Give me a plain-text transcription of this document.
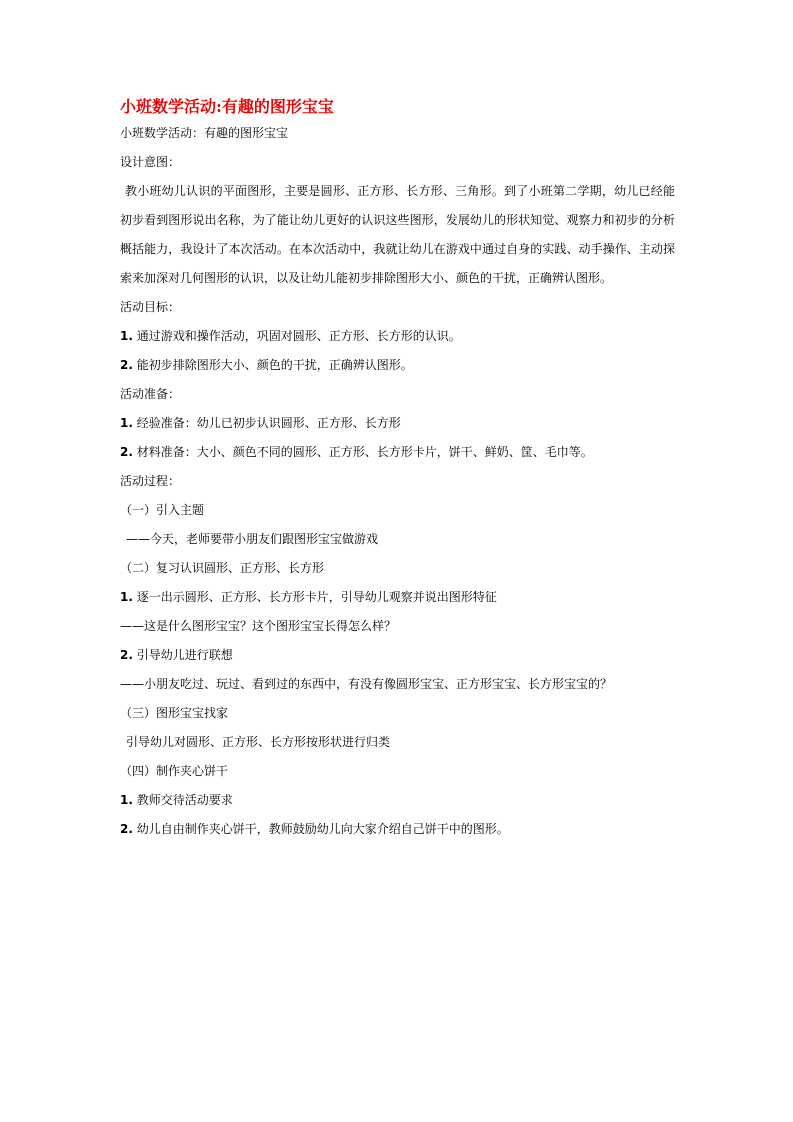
小班数学活动:有趣的图形宝宝

小班数学活动：有趣的图形宝宝

设计意图：

教小班幼儿认识的平面图形，主要是圆形、正方形、长方形、三角形。到了小班第二学期，幼儿已经能初步看到图形说出名称，为了能让幼儿更好的认识这些图形，发展幼儿的形状知觉、观察力和初步的分析概括能力，我设计了本次活动。在本次活动中，我就让幼儿在游戏中通过自身的实践、动手操作、主动探索来加深对几何图形的认识，以及让幼儿能初步排除图形大小、颜色的干扰，正确辨认图形。

活动目标：

1. 通过游戏和操作活动，巩固对圆形、正方形、长方形的认识。

2. 能初步排除图形大小、颜色的干扰，正确辨认图形。

活动准备：

1. 经验准备：幼儿已初步认识圆形、正方形、长方形

2. 材料准备：大小、颜色不同的圆形、正方形、长方形卡片，饼干、鲜奶、筐、毛巾等。

活动过程：

（一）引入主题

——今天，老师要带小朋友们跟图形宝宝做游戏

（二）复习认识圆形、正方形、长方形

1. 逐一出示圆形、正方形、长方形卡片，引导幼儿观察并说出图形特征

——这是什么图形宝宝？这个图形宝宝长得怎么样？

2. 引导幼儿进行联想

——小朋友吃过、玩过、看到过的东西中，有没有像圆形宝宝、正方形宝宝、长方形宝宝的？

（三）图形宝宝找家

引导幼儿对圆形、正方形、长方形按形状进行归类

（四）制作夹心饼干

1. 教师交待活动要求

2. 幼儿自由制作夹心饼干，教师鼓励幼儿向大家介绍自己饼干中的图形。
